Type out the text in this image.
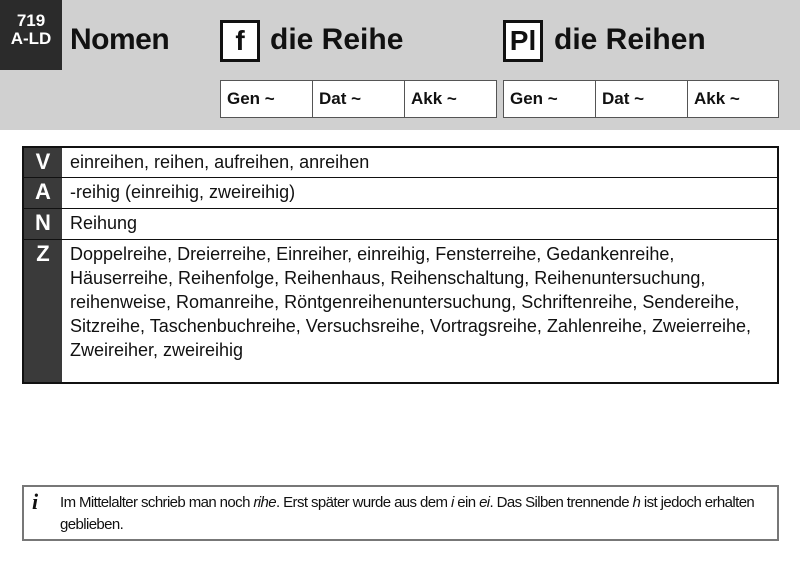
719
A-LD Nomen	f die Reihe	Pl die Reihen
Gen ~	Dat ~	Akk ~	Gen ~	Dat ~	Akk ~
V	einreihen, reihen, aufreihen, anreihen
A	-reihig (einreihig, zweireihig)
N	Reihung
Z	Doppelreihe, Dreierreihe, Einreiher, einreihig, Fensterreihe, Gedankenreihe, Häuserreihe, Reihenfolge, Reihenhaus, Reihenschaltung, Reihenuntersuchung, reihenweise, Romanreihe, Röntgenreihenuntersuchung, Schriftenreihe, Sendereihe, Sitzreihe, Taschenbuchreihe, Versuchsreihe, Vortragsreihe, Zahlenreihe, Zweierreihe, Zweireiher, zweireihig
i Im Mittelalter schrieb man noch rihe. Erst später wurde aus dem i ein ei. Das Silben trennende h ist jedoch erhalten geblieben.
